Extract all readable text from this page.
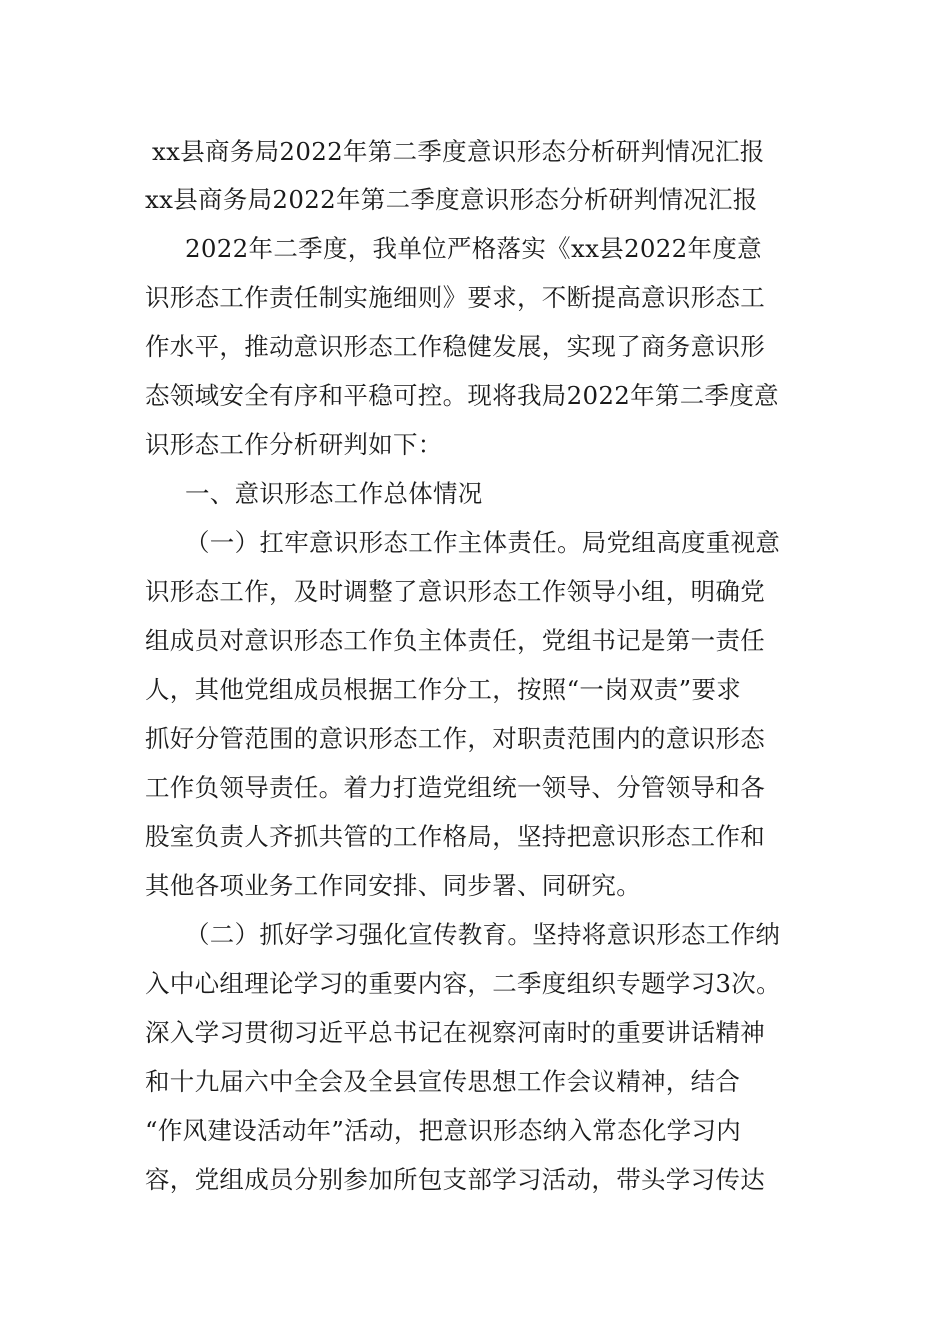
xx县商务局2022年第二季度意识形态分析研判情况汇报
xx县商务局2022年第二季度意识形态分析研判情况汇报
2022年二季度，我单位严格落实《xx县2022年度意
识形态工作责任制实施细则》要求，不断提高意识形态工
作水平，推动意识形态工作稳健发展，实现了商务意识形
态领域安全有序和平稳可控。现将我局2022年第二季度意
识形态工作分析研判如下：
一、意识形态工作总体情况
（一）扛牢意识形态工作主体责任。局党组高度重视意
识形态工作，及时调整了意识形态工作领导小组，明确党
组成员对意识形态工作负主体责任，党组书记是第一责任
人，其他党组成员根据工作分工，按照“一岗双责”要求
抓好分管范围的意识形态工作，对职责范围内的意识形态
工作负领导责任。着力打造党组统一领导、分管领导和各
股室负责人齐抓共管的工作格局，坚持把意识形态工作和
其他各项业务工作同安排、同步署、同研究。
（二）抓好学习强化宣传教育。坚持将意识形态工作纳
入中心组理论学习的重要内容，二季度组织专题学习3次。
深入学习贯彻习近平总书记在视察河南时的重要讲话精神
和十九届六中全会及全县宣传思想工作会议精神，结合
“作风建设活动年”活动，把意识形态纳入常态化学习内
容，党组成员分别参加所包支部学习活动，带头学习传达
